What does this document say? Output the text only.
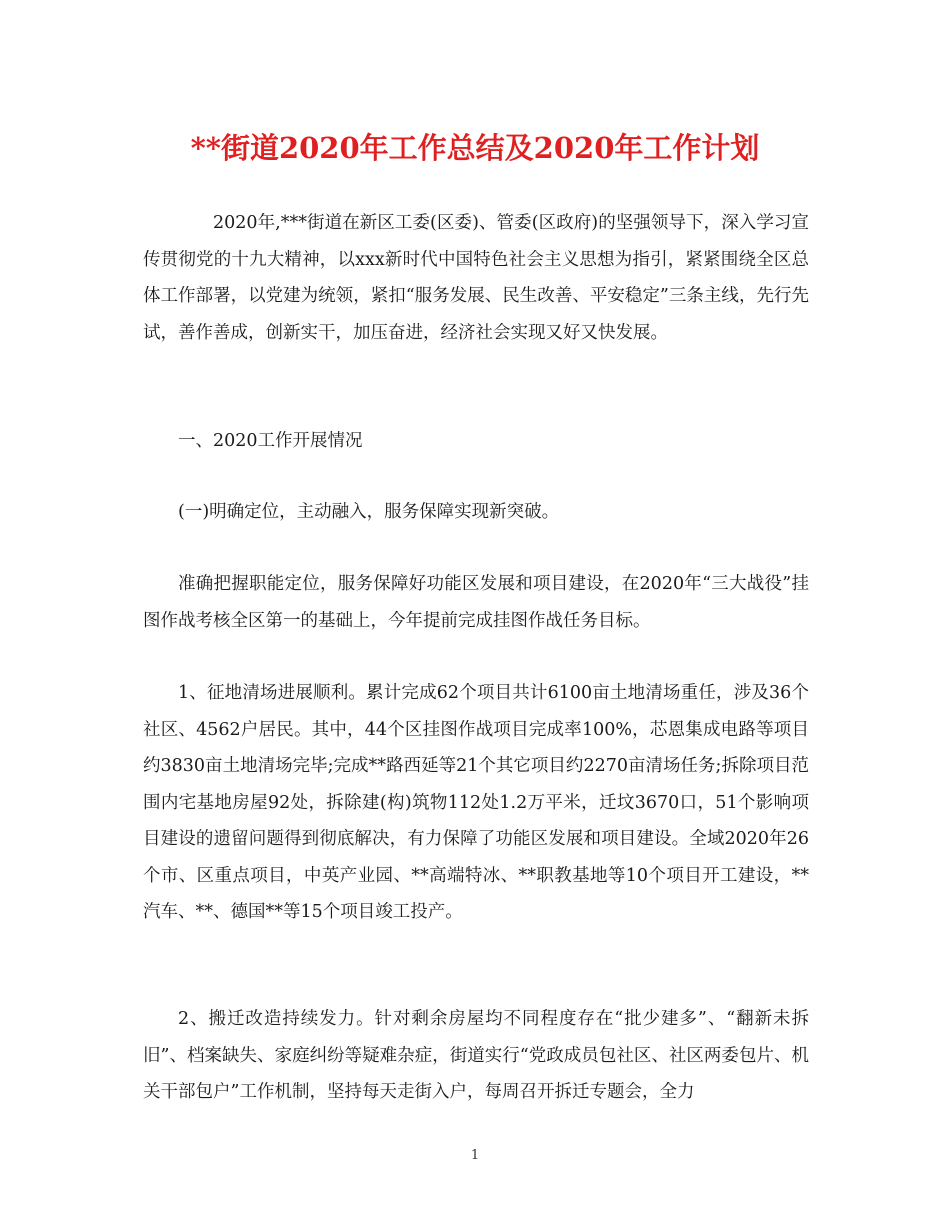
**街道2020年工作总结及2020年工作计划

2020年,***街道在新区工委(区委)、管委(区政府)的坚强领导下，深入学习宣传贯彻党的十九大精神，以xxx新时代中国特色社会主义思想为指引，紧紧围绕全区总体工作部署，以党建为统领，紧扣“服务发展、民生改善、平安稳定”三条主线，先行先试，善作善成，创新实干，加压奋进，经济社会实现又好又快发展。

一、2020工作开展情况

(一)明确定位，主动融入，服务保障实现新突破。

准确把握职能定位，服务保障好功能区发展和项目建设，在2020年“三大战役”挂图作战考核全区第一的基础上，今年提前完成挂图作战任务目标。

1、征地清场进展顺利。累计完成62个项目共计6100亩土地清场重任，涉及36个社区、4562户居民。其中，44个区挂图作战项目完成率100%，芯恩集成电路等项目约3830亩土地清场完毕;完成**路西延等21个其它项目约2270亩清场任务;拆除项目范围内宅基地房屋92处，拆除建(构)筑物112处1.2万平米，迁坟3670口，51个影响项目建设的遗留问题得到彻底解决，有力保障了功能区发展和项目建设。全域2020年26个市、区重点项目，中英产业园、**高端特冰、**职教基地等10个项目开工建设，**汽车、**、德国**等15个项目竣工投产。

2、搬迁改造持续发力。针对剩余房屋均不同程度存在“批少建多”、“翻新未拆旧”、档案缺失、家庭纠纷等疑难杂症，街道实行“党政成员包社区、社区两委包片、机关干部包户”工作机制，坚持每天走街入户，每周召开拆迁专题会，全力

1
